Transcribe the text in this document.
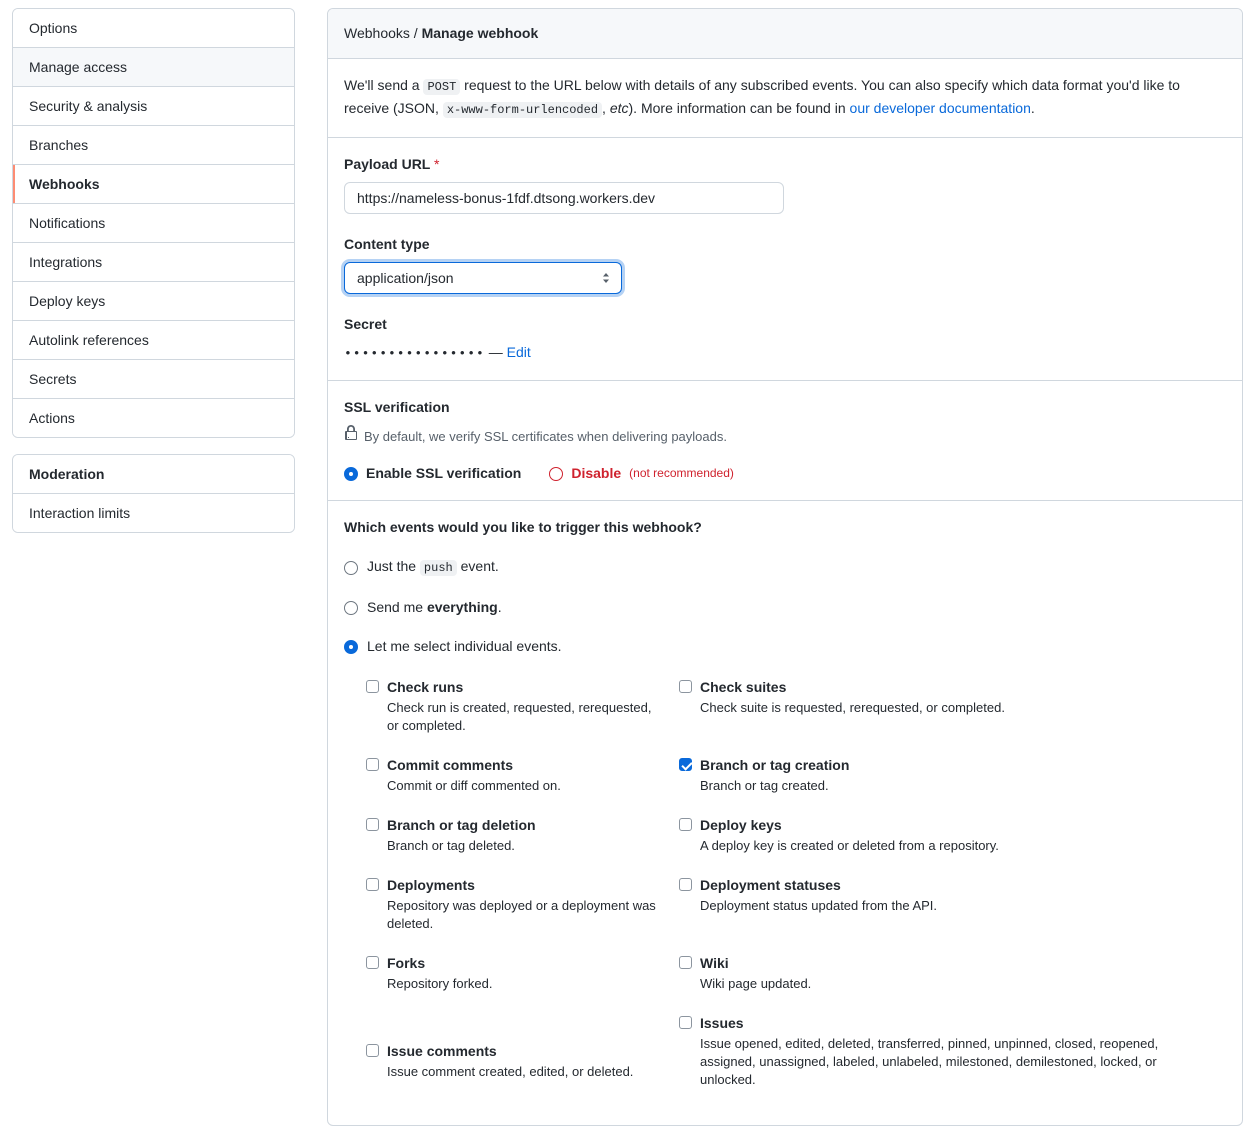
Options
Manage access
Security & analysis
Branches
Webhooks
Notifications
Integrations
Deploy keys
Autolink references
Secrets
Actions
Moderation
Interaction limits
Webhooks / Manage webhook
We'll send a POST request to the URL below with details of any subscribed events. You can also specify which data format you'd like to receive (JSON, x-www-form-urlencoded , etc). More information can be found in our developer documentation.
Payload URL *
https://nameless-bonus-1fdf.dtsong.workers.dev
Content type
application/json
Secret
•••••••••••••••• — Edit
SSL verification
By default, we verify SSL certificates when delivering payloads.
Enable SSL verification	Disable (not recommended)
Which events would you like to trigger this webhook?
Just the push event.
Send me everything.
Let me select individual events.
Check runs
Check run is created, requested, rerequested, or completed.
Check suites
Check suite is requested, rerequested, or completed.
Commit comments
Commit or diff commented on.
Branch or tag creation
Branch or tag created.
Branch or tag deletion
Branch or tag deleted.
Deploy keys
A deploy key is created or deleted from a repository.
Deployments
Repository was deployed or a deployment was deleted.
Deployment statuses
Deployment status updated from the API.
Forks
Repository forked.
Wiki
Wiki page updated.
Issue comments
Issue comment created, edited, or deleted.
Issues
Issue opened, edited, deleted, transferred, pinned, unpinned, closed, reopened, assigned, unassigned, labeled, unlabeled, milestoned, demilestoned, locked, or unlocked.
